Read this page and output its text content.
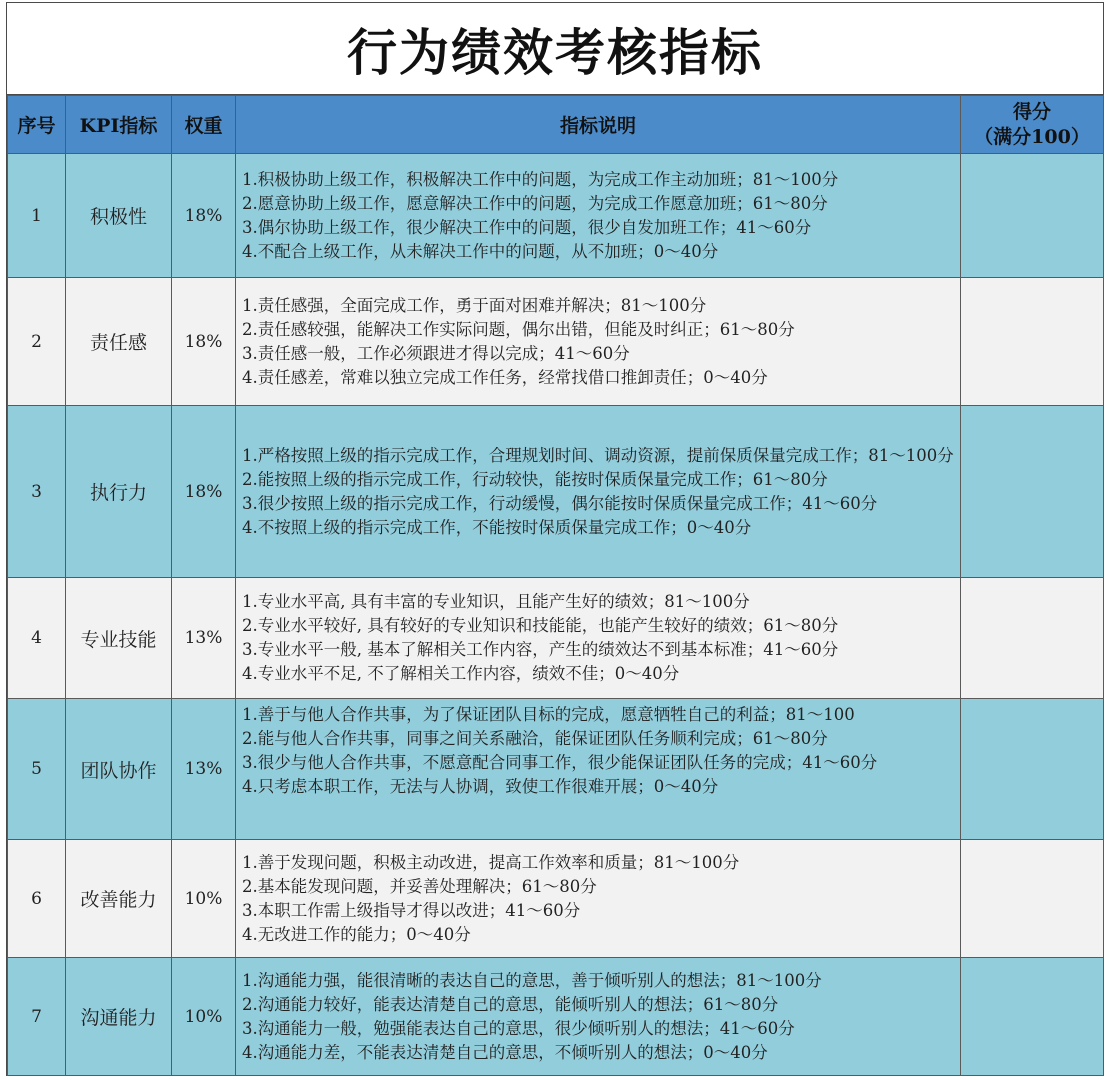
行为绩效考核指标
序号	KPI指标	权重	指标说明	得分
（满分100）

1	积极性	18%	1.积极协助上级工作，积极解决工作中的问题，为完成工作主动加班；81～100分
2.愿意协助上级工作，愿意解决工作中的问题，为完成工作愿意加班；61～80分
3.偶尔协助上级工作，很少解决工作中的问题，很少自发加班工作；41～60分
4.不配合上级工作，从未解决工作中的问题，从不加班；0～40分	

2	责任感	18%	1.责任感强，全面完成工作，勇于面对困难并解决；81～100分
2.责任感较强，能解决工作实际问题，偶尔出错，但能及时纠正；61～80分
3.责任感一般，工作必须跟进才得以完成；41～60分
4.责任感差，常难以独立完成工作任务，经常找借口推卸责任；0～40分	

3	执行力	18%	1.严格按照上级的指示完成工作，合理规划时间、调动资源，提前保质保量完成工作；81～100分
2.能按照上级的指示完成工作，行动较快，能按时保质保量完成工作；61～80分
3.很少按照上级的指示完成工作，行动缓慢，偶尔能按时保质保量完成工作；41～60分
4.不按照上级的指示完成工作，不能按时保质保量完成工作；0～40分	

4	专业技能	13%	1.专业水平高, 具有丰富的专业知识，且能产生好的绩效；81～100分
2.专业水平较好, 具有较好的专业知识和技能能，也能产生较好的绩效；61～80分
3.专业水平一般, 基本了解相关工作内容，产生的绩效达不到基本标准；41～60分
4.专业水平不足, 不了解相关工作内容，绩效不佳；0～40分	

5	团队协作	13%	1.善于与他人合作共事，为了保证团队目标的完成，愿意牺牲自己的利益；81～100
2.能与他人合作共事，同事之间关系融洽，能保证团队任务顺利完成；61～80分
3.很少与他人合作共事，不愿意配合同事工作，很少能保证团队任务的完成；41～60分
4.只考虑本职工作，无法与人协调，致使工作很难开展；0～40分	

6	改善能力	10%	1.善于发现问题，积极主动改进，提高工作效率和质量；81～100分
2.基本能发现问题，并妥善处理解决；61～80分
3.本职工作需上级指导才得以改进；41～60分
4.无改进工作的能力；0～40分	

7	沟通能力	10%	1.沟通能力强，能很清晰的表达自己的意思，善于倾听别人的想法；81～100分
2.沟通能力较好，能表达清楚自己的意思，能倾听别人的想法；61～80分
3.沟通能力一般，勉强能表达自己的意思，很少倾听别人的想法；41～60分
4.沟通能力差，不能表达清楚自己的意思，不倾听别人的想法；0～40分	
